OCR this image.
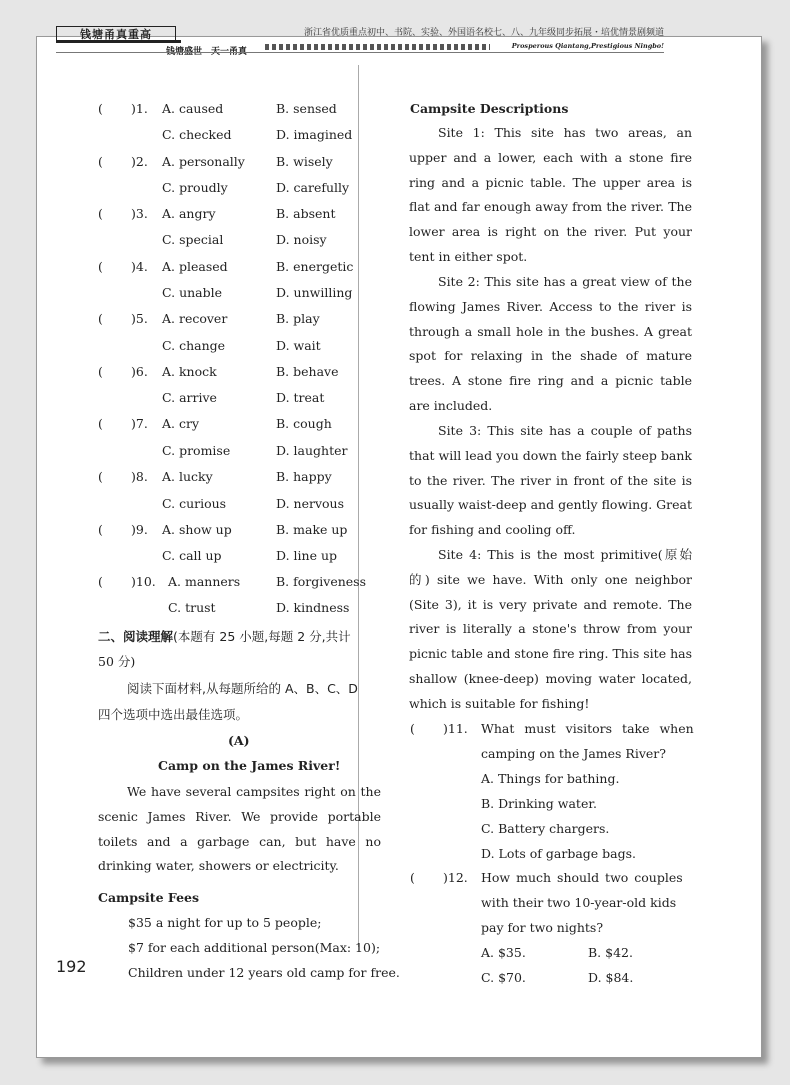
钱塘甬真重高
钱塘盛世　天一甬真
浙江省优质重点初中、书院、实验、外国语名校七、八、九年级同步拓展・培优情景剧频道
Prosperous Qiantang,Prestigious Ningbo!
( )1. A. caused	B. sensed
C. checked	D. imagined
( )2. A. personally B. wisely
C. proudly	D. carefully
( )3. A. angry	B. absent
C. special	D. noisy
( )4. A. pleased	B. energetic
C. unable	D. unwilling
( )5. A. recover	B. play
C. change	D. wait
( )6. A. knock	B. behave
C. arrive	D. treat
( )7. A. cry	B. cough
C. promise	D. laughter
( )8. A. lucky	B. happy
C. curious	D. nervous
( )9. A. show up	B. make up
C. call up	D. line up
( )10. A. manners	B. forgiveness
C. trust	D. kindness
二、阅读理解(本题有 25 小题,每题 2 分,共计
50 分)
阅读下面材料,从每题所给的 A、B、C、D
四个选项中选出最佳选项。
(A)
Camp on the James River!
We have several campsites right on the scenic James River. We provide portable toilets and a garbage can, but have no drinking water, showers or electricity.
Campsite Fees
$35 a night for up to 5 people;
$7 for each additional person(Max: 10);
Children under 12 years old camp for free.
Campsite Descriptions
Site 1: This site has two areas, an upper and a lower, each with a stone fire ring and a picnic table. The upper area is flat and far enough away from the river. The lower area is right on the river. Put your tent in either spot.
Site 2: This site has a great view of the flowing James River. Access to the river is through a small hole in the bushes. A great spot for relaxing in the shade of mature trees. A stone fire ring and a picnic table are included.
Site 3: This site has a couple of paths that will lead you down the fairly steep bank to the river. The river in front of the site is usually waist-deep and gently flowing. Great for fishing and cooling off.
Site 4: This is the most primitive(原始的) site we have. With only one neighbor (Site 3), it is very private and remote. The river is literally a stone's throw from your picnic table and stone fire ring. This site has shallow (knee-deep) moving water located, which is suitable for fishing!
( )11. What must visitors take when
camping on the James River?
A. Things for bathing.
B. Drinking water.
C. Battery chargers.
D. Lots of garbage bags.
( )12. How much should two couples
with their two 10-year-old kids
pay for two nights?
A. $35.	B. $42.
C. $70.	D. $84.
192
